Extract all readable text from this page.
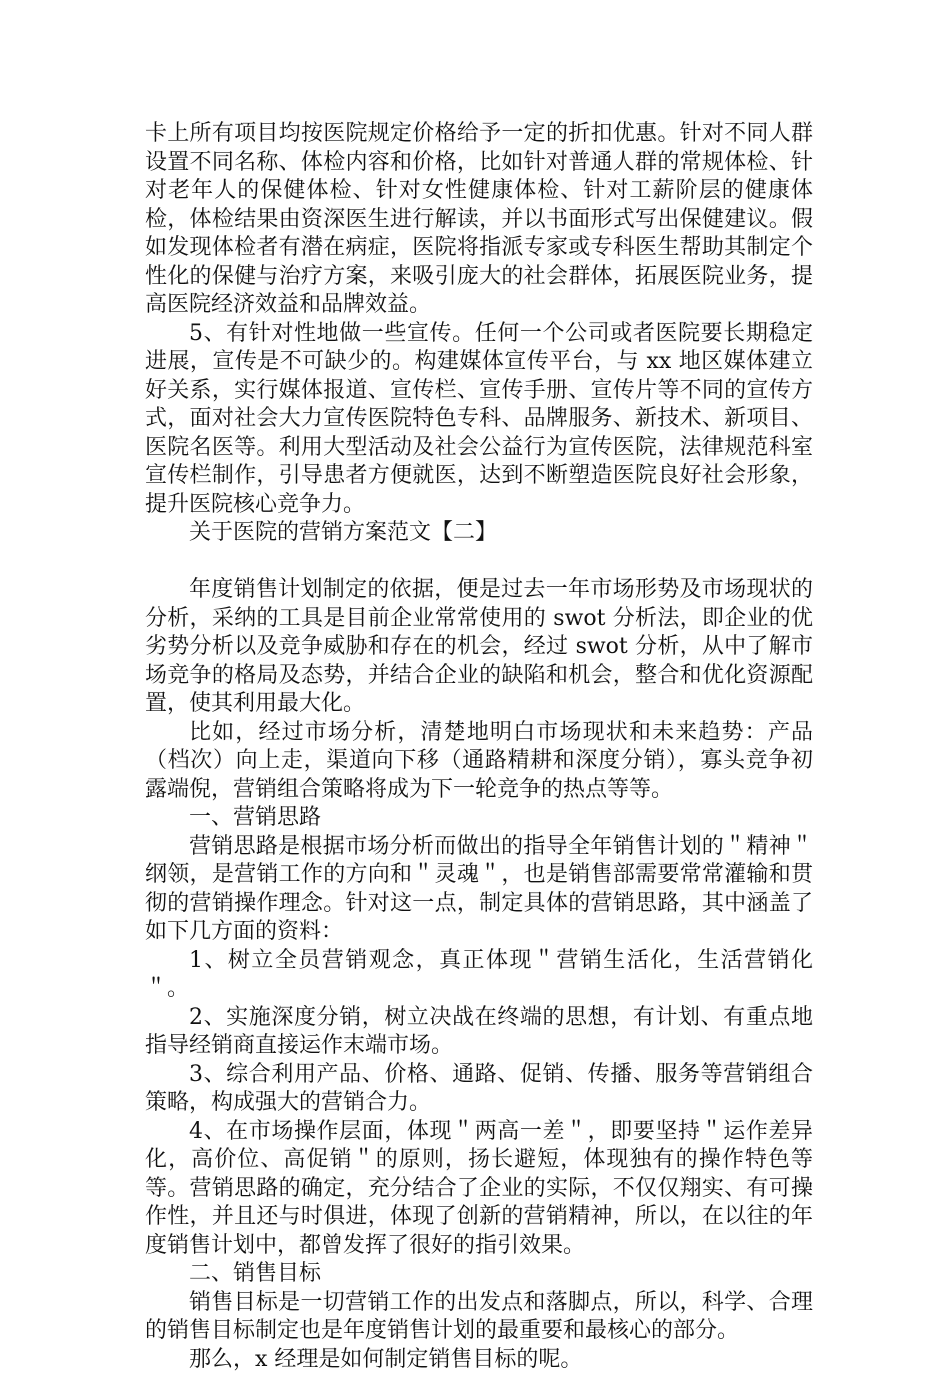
卡上所有项目均按医院规定价格给予一定的折扣优惠。针对不同人群设置不同名称、体检内容和价格，比如针对普通人群的常规体检、针对老年人的保健体检、针对女性健康体检、针对工薪阶层的健康体检，体检结果由资深医生进行解读，并以书面形式写出保健建议。假如发现体检者有潜在病症，医院将指派专家或专科医生帮助其制定个性化的保健与治疗方案，来吸引庞大的社会群体，拓展医院业务，提高医院经济效益和品牌效益。

5、有针对性地做一些宣传。任何一个公司或者医院要长期稳定进展，宣传是不可缺少的。构建媒体宣传平台，与 xx 地区媒体建立好关系，实行媒体报道、宣传栏、宣传手册、宣传片等不同的宣传方式，面对社会大力宣传医院特色专科、品牌服务、新技术、新项目、医院名医等。利用大型活动及社会公益行为宣传医院，法律规范科室宣传栏制作，引导患者方便就医，达到不断塑造医院良好社会形象，提升医院核心竞争力。

关于医院的营销方案范文【二】

年度销售计划制定的依据，便是过去一年市场形势及市场现状的分析，采纳的工具是目前企业常常使用的 swot 分析法，即企业的优劣势分析以及竞争威胁和存在的机会，经过 swot 分析，从中了解市场竞争的格局及态势，并结合企业的缺陷和机会，整合和优化资源配置，使其利用最大化。

比如，经过市场分析，清楚地明白市场现状和未来趋势：产品（档次）向上走，渠道向下移（通路精耕和深度分销），寡头竞争初露端倪，营销组合策略将成为下一轮竞争的热点等等。

一、营销思路

营销思路是根据市场分析而做出的指导全年销售计划的＂精神＂纲领，是营销工作的方向和＂灵魂＂，也是销售部需要常常灌输和贯彻的营销操作理念。针对这一点，制定具体的营销思路，其中涵盖了如下几方面的资料：

1、树立全员营销观念，真正体现＂营销生活化，生活营销化＂。

2、实施深度分销，树立决战在终端的思想，有计划、有重点地指导经销商直接运作末端市场。

3、综合利用产品、价格、通路、促销、传播、服务等营销组合策略，构成强大的营销合力。

4、在市场操作层面，体现＂两高一差＂，即要坚持＂运作差异化，高价位、高促销＂的原则，扬长避短，体现独有的操作特色等等。营销思路的确定，充分结合了企业的实际，不仅仅翔实、有可操作性，并且还与时俱进，体现了创新的营销精神，所以，在以往的年度销售计划中，都曾发挥了很好的指引效果。

二、销售目标

销售目标是一切营销工作的出发点和落脚点，所以，科学、合理的销售目标制定也是年度销售计划的最重要和最核心的部分。

那么，x 经理是如何制定销售目标的呢。
